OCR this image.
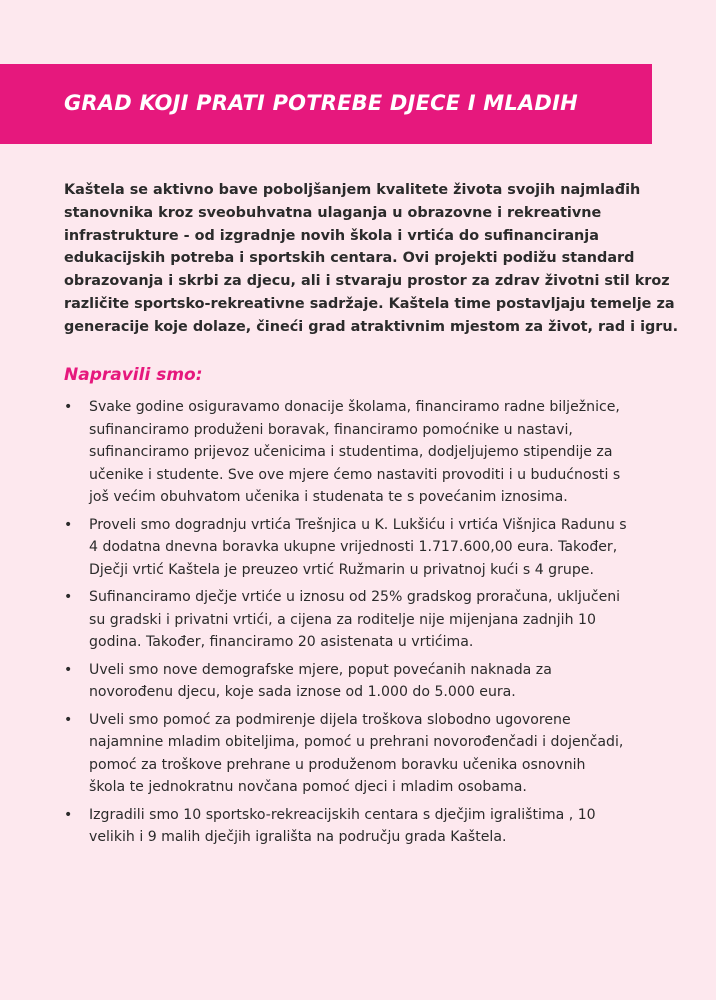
GRAD KOJI PRATI POTREBE DJECE I MLADIH

Kaštela se aktivno bave poboljšanjem kvalitete života svojih najmlađih
stanovnika kroz sveobuhvatna ulaganja u obrazovne i rekreativne
infrastrukture - od izgradnje novih škola i vrtića do sufinanciranja
edukacijskih potreba i sportskih centara. Ovi projekti podižu standard
obrazovanja i skrbi za djecu, ali i stvaraju prostor za zdrav životni stil kroz
različite sportsko-rekreativne sadržaje. Kaštela time postavljaju temelje za
generacije koje dolaze, čineći grad atraktivnim mjestom za život, rad i igru.

Napravili smo:
• Svake godine osiguravamo donacije školama, financiramo radne bilježnice,
sufinanciramo produženi boravak, financiramo pomoćnike u nastavi,
sufinanciramo prijevoz učenicima i studentima, dodjeljujemo stipendije za
učenike i studente. Sve ove mjere ćemo nastaviti provoditi i u budućnosti s
još većim obuhvatom učenika i studenata te s povećanim iznosima.
• Proveli smo dogradnju vrtića Trešnjica u K. Lukšiću i vrtića Višnjica Radunu s
4 dodatna dnevna boravka ukupne vrijednosti 1.717.600,00 eura. Također,
Dječji vrtić Kaštela je preuzeo vrtić Ružmarin u privatnoj kući s 4 grupe.
• Sufinanciramo dječje vrtiće u iznosu od 25% gradskog proračuna, uključeni
su gradski i privatni vrtići, a cijena za roditelje nije mijenjana zadnjih 10
godina. Također, financiramo 20 asistenata u vrtićima.
• Uveli smo nove demografske mjere, poput povećanih naknada za
novorođenu djecu, koje sada iznose od 1.000 do 5.000 eura.
• Uveli smo pomoć za podmirenje dijela troškova slobodno ugovorene
najamnine mladim obiteljima, pomoć u prehrani novorođenčadi i dojenčadi,
pomoć za troškove prehrane u produženom boravku učenika osnovnih
škola te jednokratnu novčana pomoć djeci i mladim osobama.
• Izgradili smo 10 sportsko-rekreacijskih centara s dječjim igralištima , 10
velikih i 9 malih dječjih igrališta na području grada Kaštela.
